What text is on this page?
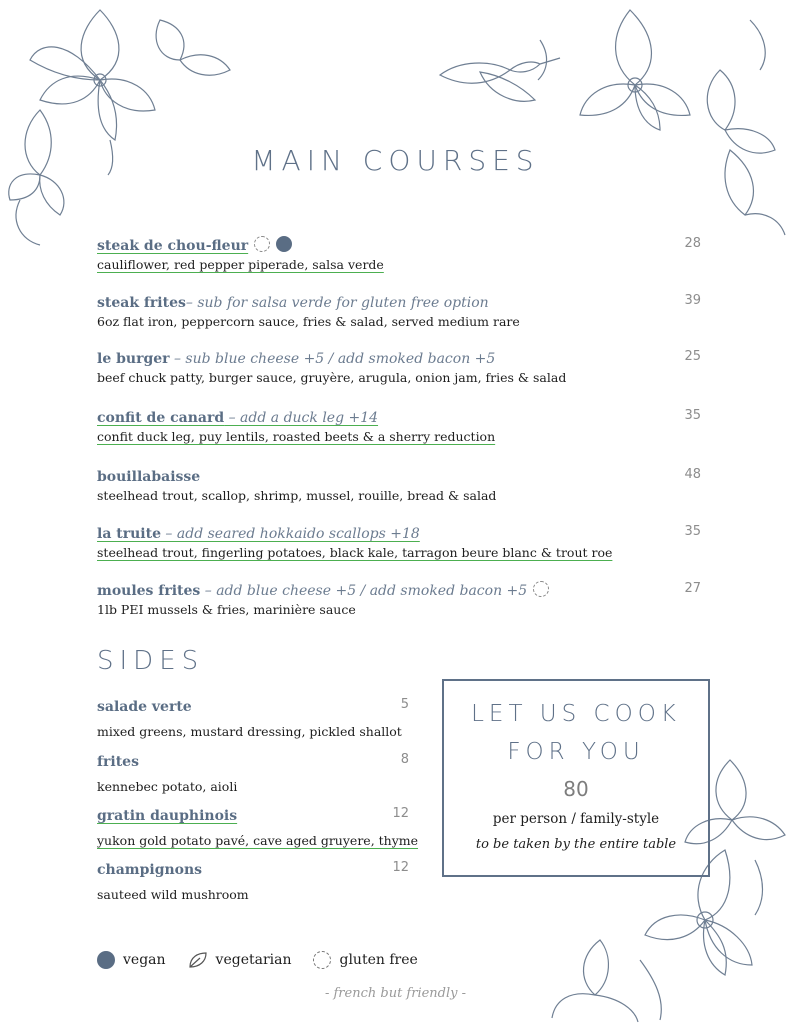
MAIN COURSES
steak de chou-fleur
cauliflower, red pepper piperade, salsa verde
28
steak frites– sub for salsa verde for gluten free option
6oz flat iron, peppercorn sauce, fries & salad, served medium rare
39
le burger – sub blue cheese +5 / add smoked bacon +5
beef chuck patty, burger sauce, gruyère, arugula, onion jam, fries & salad
25
confit de canard – add a duck leg +14
confit duck leg, puy lentils, roasted beets & a sherry reduction
35
bouillabaisse
steelhead trout, scallop, shrimp, mussel, rouille, bread & salad
48
la truite – add seared hokkaido scallops +18
steelhead trout, fingerling potatoes, black kale, tarragon beure blanc & trout roe
35
moules frites – add blue cheese +5 / add smoked bacon +5
1lb PEI mussels & fries, marinière sauce
27
SIDES
salade verte
mixed greens, mustard dressing, pickled shallot
5
frites
kennebec potato, aioli
8
gratin dauphinois
yukon gold potato pavé, cave aged gruyere, thyme
12
champignons
sauteed wild mushroom
12
LET US COOK
FOR YOU
80
per person / family-style
to be taken by the entire table
vegan	vegetarian	gluten free
- french but friendly -
